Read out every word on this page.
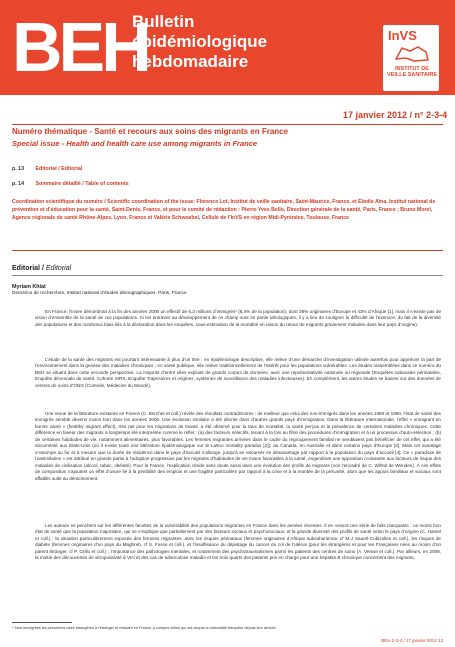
BEH
Bulletin
épidémiologique
hebdomadaire
InVS
INSTITUT DE VEILLE SANITAIRE
17 janvier 2012 / n° 2-3-4
Numéro thématique - Santé et recours aux soins des migrants en France
Special issue - Health and health care use among migrants in France
p. 13 Editorial / Editorial
p. 14 Sommaire détaillé / Table of contents
Coordination scientifique du numéro / Scientific coordination of the issue: Florence Lot, Institut de veille sanitaire, Saint-Maurice, France, et Élodie Aïna, Institut national de prévention et d’éducation pour la santé, Saint-Denis, France, et pour le comité de rédaction : Pierre-Yves Bello, Direction générale de la santé, Paris, France ; Bruno Morel, Agence régionale de santé Rhône-Alpes, Lyon, France et Valérie Schwoebel, Cellule de l’InVS en région Midi-Pyrénées, Toulouse, France
Editorial / Editorial
Myriam Khlat
Directrice de recherches, Institut national d’études démographiques, Paris, France
En France, l’Insee dénombrait à la fin des années 2000 un effectif de 5,3 millions d’immigrés¹ (8,4% de la population), dont 38% originaires d’Europe et 43% d’Afrique [1], mais il n’existe pas de vision d’ensemble de la santé de ces populations. Si les entraves au développement de ce champ sont en partie idéologiques, il y a lieu de souligner la difficulté de l’exercice, du fait de la diversité des populations et des nombreux biais liés à la déclaration dans les enquêtes, sous-estimation de la mortalité en raison du retour de migrants gravement malades dans leur pays d’origine).
L’étude de la santé des migrants est pourtant intéressante à plus d’un titre : en épidémiologie descriptive, elle relève d’une démarche d’investigation utilisée autrefois pour apprécier la part de l’environnement dans la genèse des maladies chroniques ; en santé publique, elle relève traditionnellement de l’intérêt pour les populations vulnérables. Les études rassemblées dans ce numéro du BEH se situent dans cette seconde perspective. La majorité d’entre elles exploite de grands corpus de données, avec une représentativité nationale ou régionale (Enquêtes nationales périnatales, Enquête décennale de santé, Cohorte SIRS, Enquête Trajectoires et origines, systèmes de surveillance des maladies infectieuses). En complément, les autres études se basent sur des données de centres de soins d’ONG (Comede, Médecins du Monde).
Une revue de la littérature existante en France (C. Berchet et coll.) révèle des résultats contradictoires : de meilleur que celui des non-immigrés dans les années 1980 et 1990, l’état de santé des immigrés semble devenir moins bon dans les années 2000. Une évolution similaire a été décrite dans d’autres grands pays d’immigration. Dans la littérature internationale, l’effet « immigrant en bonne santé » (healthy migrant effect), très net pour les migrations de travail, a été observé pour la taux de mortalité, la santé perçue et la prévalence de certaines maladies chroniques. Cette différence en faveur des migrants a longtemps été interprétée comme le reflet : (a) des facteurs sélectifs, tenant à la fois au filtre des procédures d’immigration et à un processus d’auto-sélection ; (b) de certaines habitudes de vie, notamment alimentaires, plus favorables. Les femmes migrantes arrivées dans le cadre du regroupement familial ne semblaient pas bénéficier de cet effet, qui a été documenté aux États-Unis (où il existe toute une littérature épidémiologique sur le Latino mortality paradox [2]), au Canada, en Australie et dans certains pays d’Europe [3]. Mais cet avantage s’estompe au fur et à mesure que la durée de résidence dans le pays d’accueil s’allonge, jusqu’à se retourner en désavantage par rapport à la population du pays d’accueil [4]. Ce « paradoxe de l’assimilation » est attribué en grande partie à l’adoption progressive par les migrants d’habitudes de vie moins favorables à la santé, engendrant une apposition croissante aux facteurs de risque des maladies de civilisation (alcool, tabac, obésité). Pour la France, l’explication réside sans doute aussi dans une évolution des profils de migrants (voir l’encadré de C. Wihtol de Wenden). À ces effets de composition s’ajoutent un effet d’usure lié à la pénibilité des emplois et une fragilité particulière par rapport à la crise et à la montée de la précarité, alors que les appuis familiaux et sociaux sont affaiblis suite au déracinement.
Les auteurs se penchent sur les différentes facettes de la vulnérabilité des populations migrantes en France dans les années récentes. Il en ressort une série de faits marquants : un moins bon état de santé que la population majoritaire, qui ne s’explique que partiellement par des facteurs sociaux et psychosociaux, et la grande diversité des profils de santé selon le pays d’origine (C. Hamel et coll.) ; la situation particulièrement exposée des femmes migrantes, avec les risques périnataux (femmes originaires d’Afrique subsaharienne, d’ M-J Saurel-Cubizolles et coll.), les risques de diabète (femmes originaires d’un pays du Maghreb, cf S. Fosse et coll.), et l’insuffisance du dépistage du cancer du col de l’utérus (pour les étrangères et pour les Françaises nées au moins d’un parent étranger, cf P. Grillo et coll.) ; l’importance des pathologies mentales, et notamment des psychotraumatismes parmi les patients des centres de soins (A. Veïsse et coll.). Par ailleurs, en 2009, la moitié des découvertes de séropositivité à VIH et des cas de tuberculose maladie et les trois quarts des patients pris en charge pour une hépatite B chronique concernent des migrants,
¹ Sont immigrées les personnes nées étrangères à l’étranger et résidant en France, y compris celles qui ont acquis la nationalité française depuis leur arrivée.
BEH 2-3-4 / 17 janvier 2012 13
